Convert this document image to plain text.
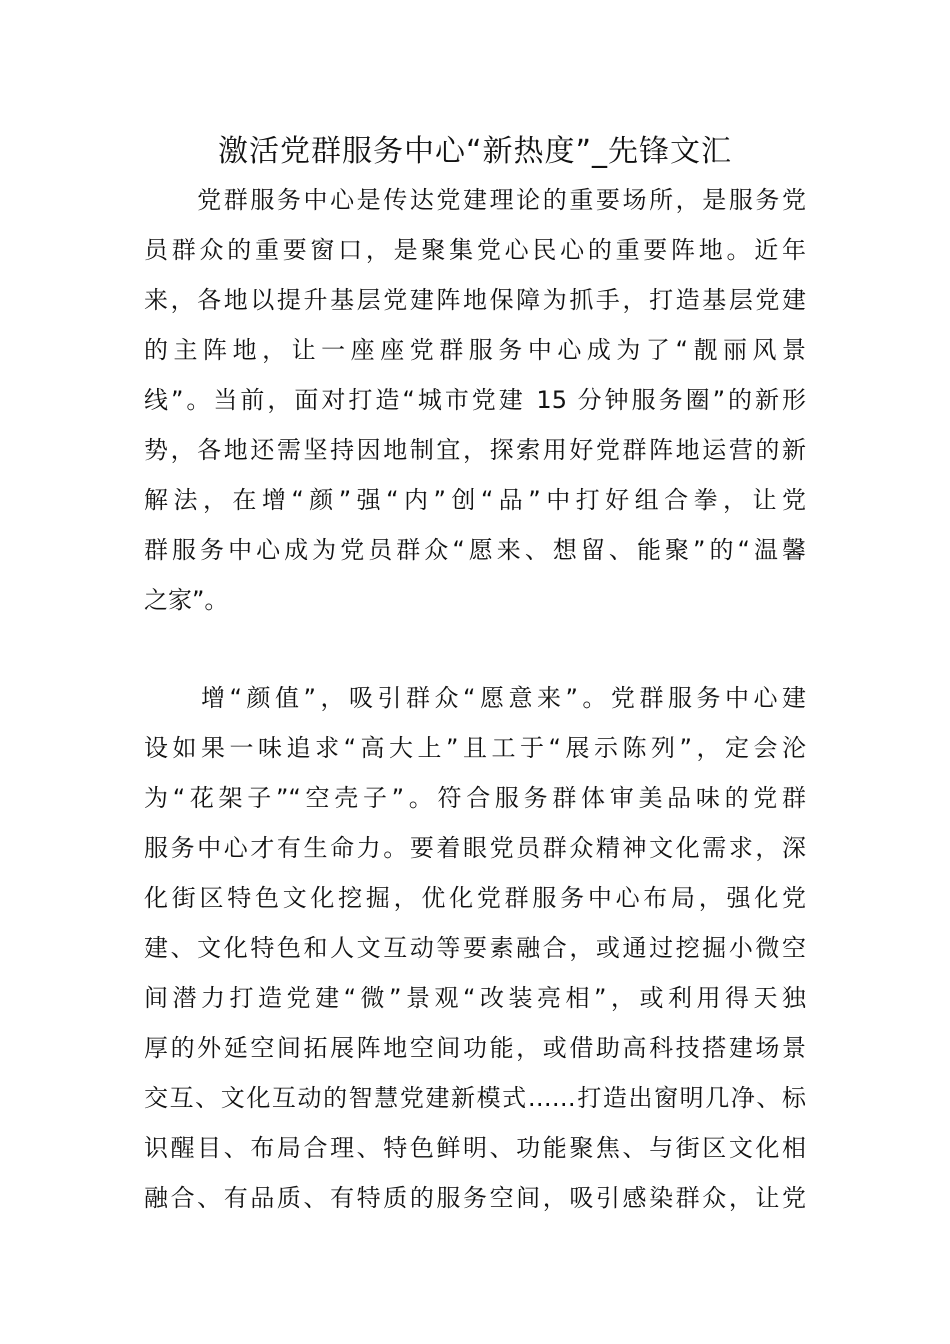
激活党群服务中心“新热度”_先锋文汇
　　党群服务中心是传达党建理论的重要场所，是服务党
员群众的重要窗口，是聚集党心民心的重要阵地。近年
来，各地以提升基层党建阵地保障为抓手，打造基层党建
的主阵地，让一座座党群服务中心成为了“靓丽风景
线”。当前，面对打造“城市党建 15 分钟服务圈”的新形
势，各地还需坚持因地制宜，探索用好党群阵地运营的新
解法，在增“颜”强“内”创“品”中打好组合拳，让党
群服务中心成为党员群众“愿来、想留、能聚”的“温馨
之家”。
　　增“颜值”，吸引群众“愿意来”。党群服务中心建
设如果一味追求“高大上”且工于“展示陈列”，定会沦
为“花架子”“空壳子”。符合服务群体审美品味的党群
服务中心才有生命力。要着眼党员群众精神文化需求，深
化街区特色文化挖掘，优化党群服务中心布局，强化党
建、文化特色和人文互动等要素融合，或通过挖掘小微空
间潜力打造党建“微”景观“改装亮相”，或利用得天独
厚的外延空间拓展阵地空间功能，或借助高科技搭建场景
交互、文化互动的智慧党建新模式……打造出窗明几净、标
识醒目、布局合理、特色鲜明、功能聚焦、与街区文化相
融合、有品质、有特质的服务空间，吸引感染群众，让党
